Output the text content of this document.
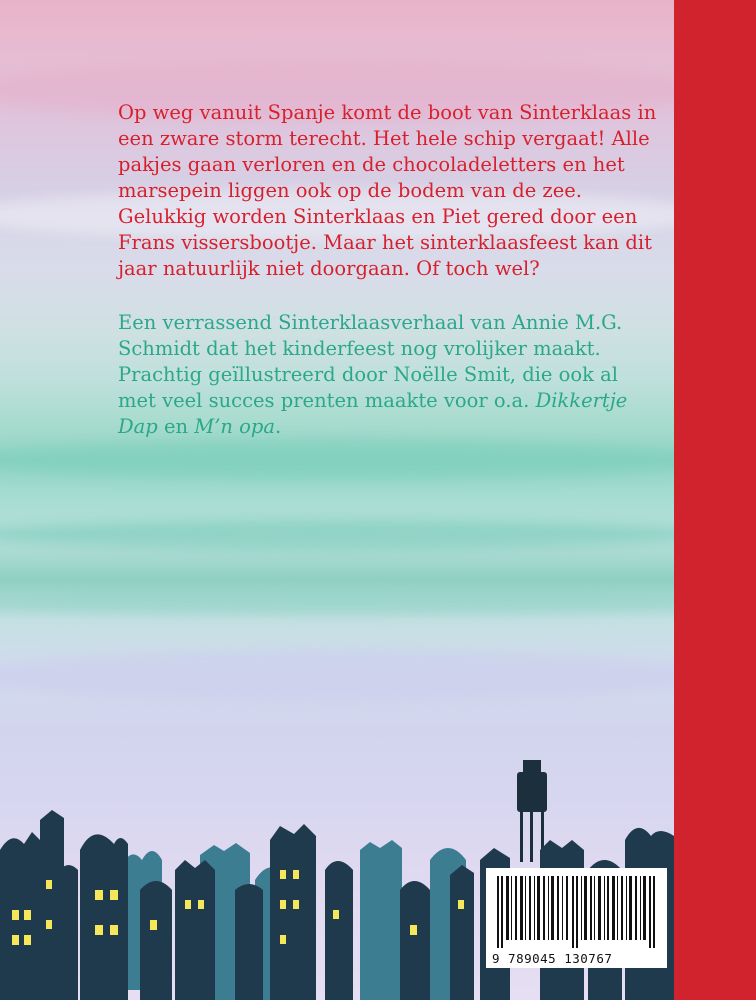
Op weg vanuit Spanje komt de boot van Sinterklaas in een zware storm terecht. Het hele schip vergaat! Alle pakjes gaan verloren en de chocoladeletters en het marsepein liggen ook op de bodem van de zee. Gelukkig worden Sinterklaas en Piet gered door een Frans vissersbootje. Maar het sinterklaasfeest kan dit jaar natuurlijk niet doorgaan. Of toch wel?

Een verrassend Sinterklaasverhaal van Annie M.G. Schmidt dat het kinderfeest nog vrolijker maakt. Prachtig geïllustreerd door Noëlle Smit, die ook al met veel succes prenten maakte voor o.a. Dikkertje Dap en M’n opa.

9 789045 130767
